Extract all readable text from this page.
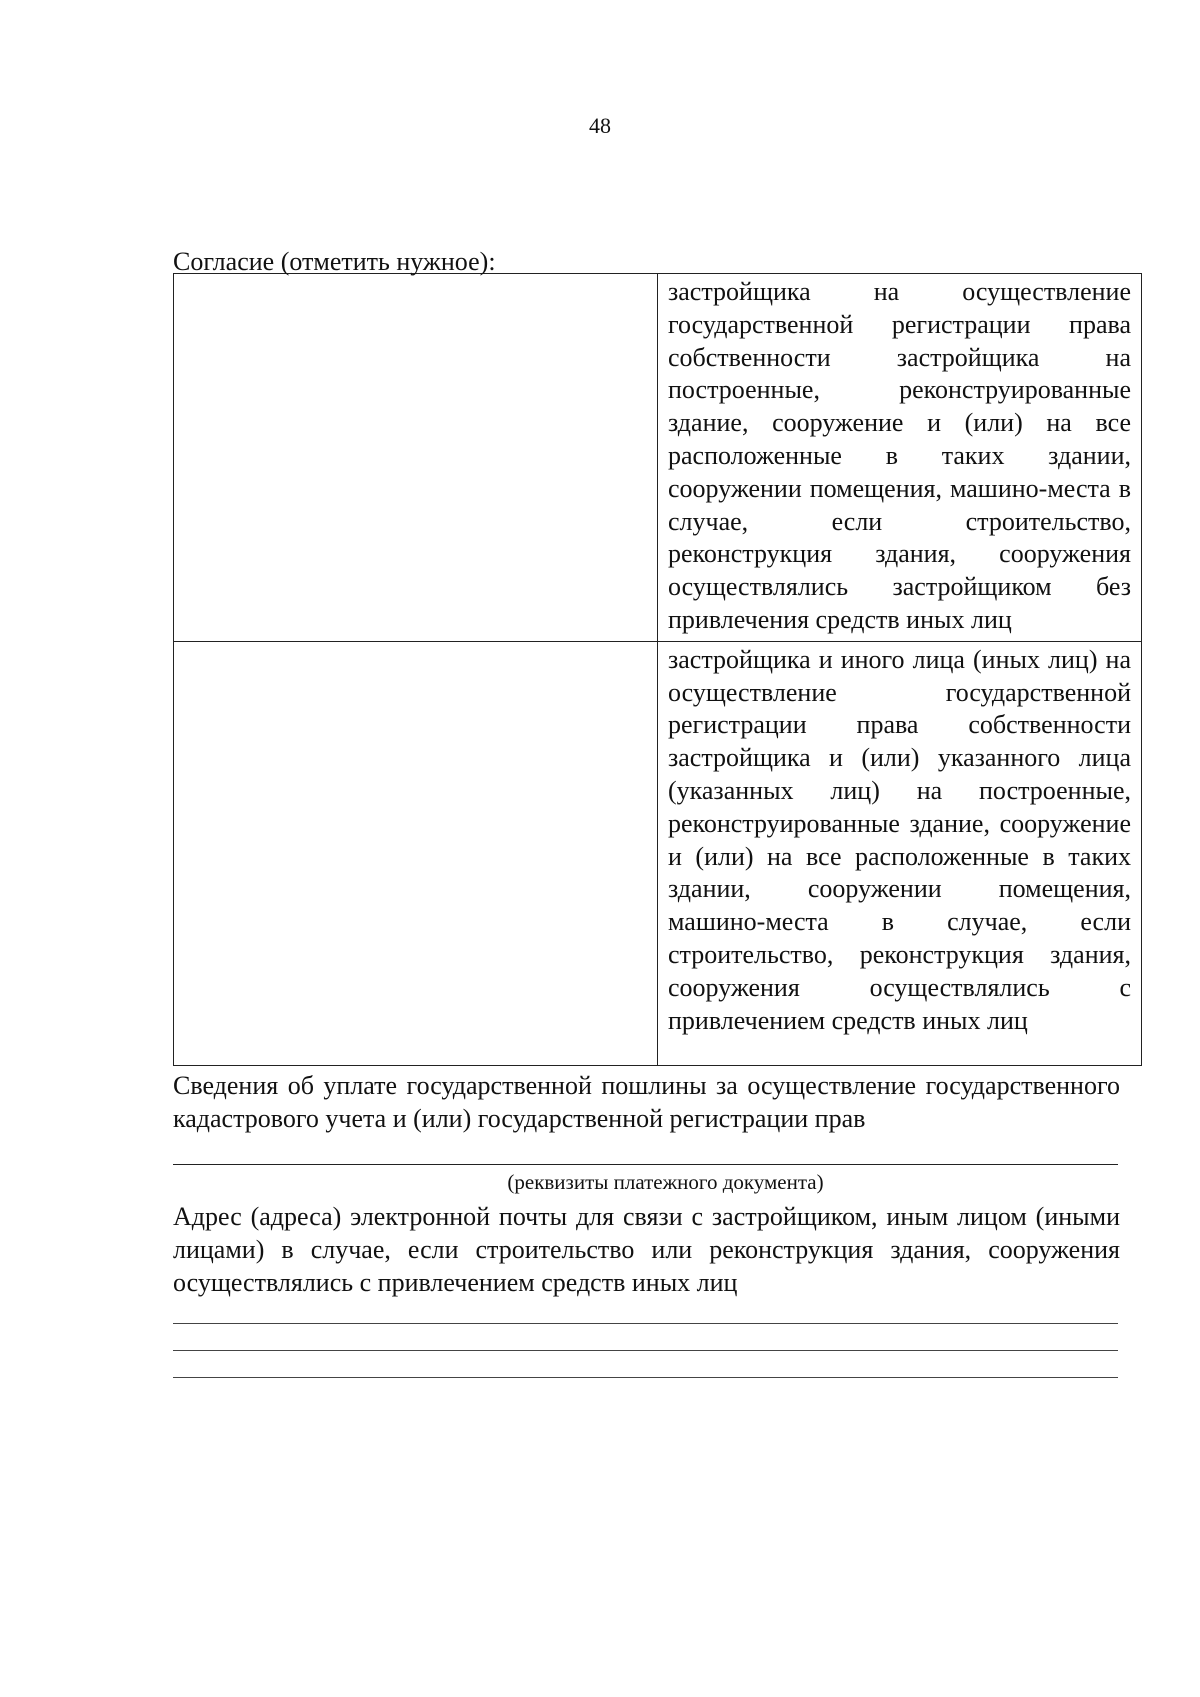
48

Согласие (отметить нужное):

	застройщика на осуществление государственной регистрации права собственности застройщика на построенные, реконструированные здание, сооружение и (или) на все расположенные в таких здании, сооружении помещения, машино-места в случае, если строительство, реконструкция здания, сооружения осуществлялись застройщиком без привлечения средств иных лиц
	застройщика и иного лица (иных лиц) на осуществление государственной регистрации права собственности застройщика и (или) указанного лица (указанных лиц) на построенные, реконструированные здание, сооружение и (или) на все расположенные в таких здании, сооружении помещения, машино-места в случае, если строительство, реконструкция здания, сооружения осуществлялись с привлечением средств иных лиц

Сведения об уплате государственной пошлины за осуществление государственного кадастрового учета и (или) государственной регистрации прав

(реквизиты платежного документа)

Адрес (адреса) электронной почты для связи с застройщиком, иным лицом (иными лицами) в случае, если строительство или реконструкция здания, сооружения осуществлялись с привлечением средств иных лиц
